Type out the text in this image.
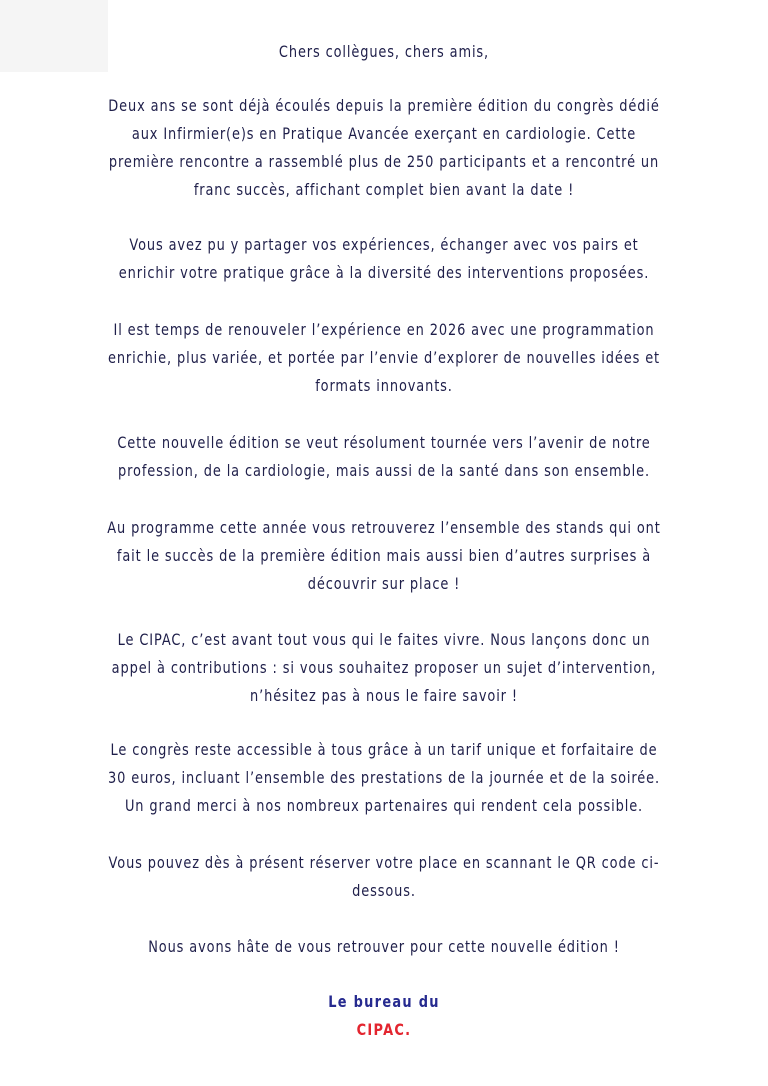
Chers collègues, chers amis,

Deux ans se sont déjà écoulés depuis la première édition du congrès dédié
aux Infirmier(e)s en Pratique Avancée exerçant en cardiologie. Cette
première rencontre a rassemblé plus de 250 participants et a rencontré un
franc succès, affichant complet bien avant la date !

Vous avez pu y partager vos expériences, échanger avec vos pairs et
enrichir votre pratique grâce à la diversité des interventions proposées.

Il est temps de renouveler l’expérience en 2026 avec une programmation
enrichie, plus variée, et portée par l’envie d’explorer de nouvelles idées et
formats innovants.

Cette nouvelle édition se veut résolument tournée vers l’avenir de notre
profession, de la cardiologie, mais aussi de la santé dans son ensemble.

Au programme cette année vous retrouverez l’ensemble des stands qui ont
fait le succès de la première édition mais aussi bien d’autres surprises à
découvrir sur place !

Le CIPAC, c’est avant tout vous qui le faites vivre. Nous lançons donc un
appel à contributions : si vous souhaitez proposer un sujet d’intervention,
n’hésitez pas à nous le faire savoir !

Le congrès reste accessible à tous grâce à un tarif unique et forfaitaire de
30 euros, incluant l’ensemble des prestations de la journée et de la soirée.
Un grand merci à nos nombreux partenaires qui rendent cela possible.

Vous pouvez dès à présent réserver votre place en scannant le QR code ci-
dessous.

Nous avons hâte de vous retrouver pour cette nouvelle édition !

Le bureau du

CIPAC.
